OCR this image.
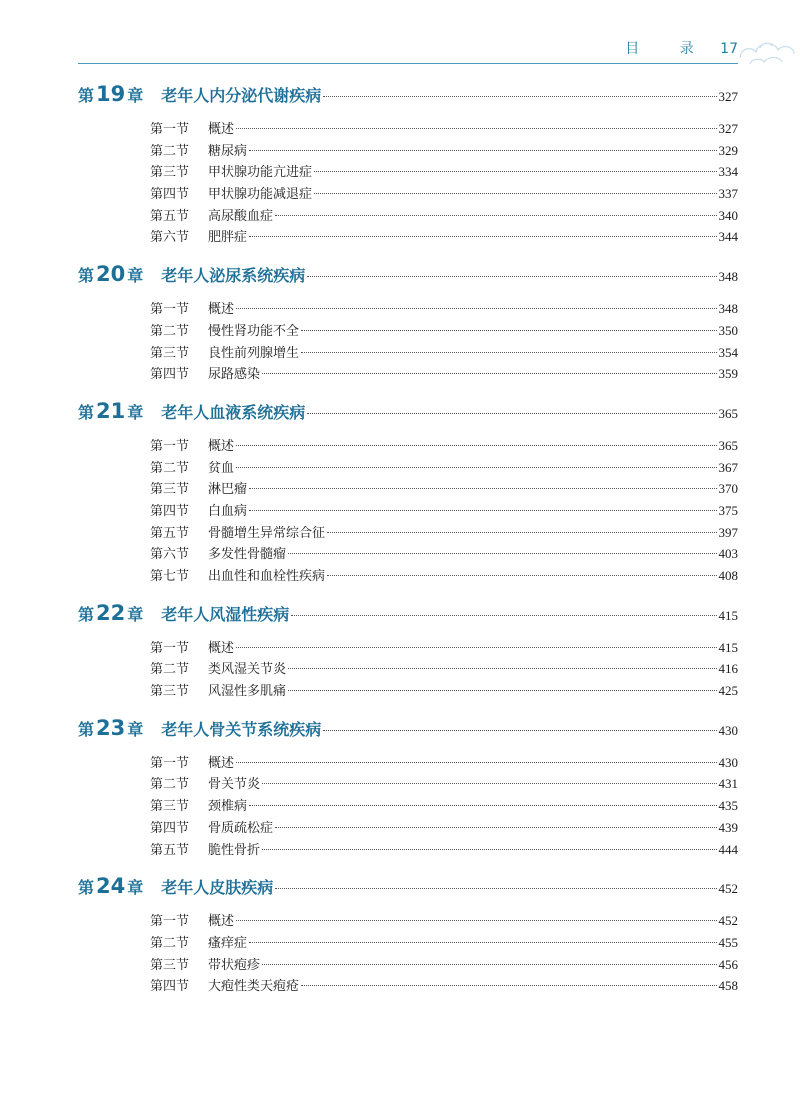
目 录 17
第19 章 老年人内分泌代谢疾病	327
第一节	概述	327
第二节	糖尿病	329
第三节	甲状腺功能亢进症	334
第四节	甲状腺功能减退症	337
第五节	高尿酸血症	340
第六节	肥胖症	344
第20 章 老年人泌尿系统疾病	348
第一节	概述	348
第二节	慢性肾功能不全	350
第三节	良性前列腺增生	354
第四节	尿路感染	359
第21 章 老年人血液系统疾病	365
第一节	概述	365
第二节	贫血	367
第三节	淋巴瘤	370
第四节	白血病	375
第五节	骨髓增生异常综合征	397
第六节	多发性骨髓瘤	403
第七节	出血性和血栓性疾病	408
第22 章 老年人风湿性疾病	415
第一节	概述	415
第二节	类风湿关节炎	416
第三节	风湿性多肌痛	425
第23 章 老年人骨关节系统疾病	430
第一节	概述	430
第二节	骨关节炎	431
第三节	颈椎病	435
第四节	骨质疏松症	439
第五节	脆性骨折	444
第24 章 老年人皮肤疾病	452
第一节	概述	452
第二节	瘙痒症	455
第三节	带状疱疹	456
第四节	大疱性类天疱疮	458
